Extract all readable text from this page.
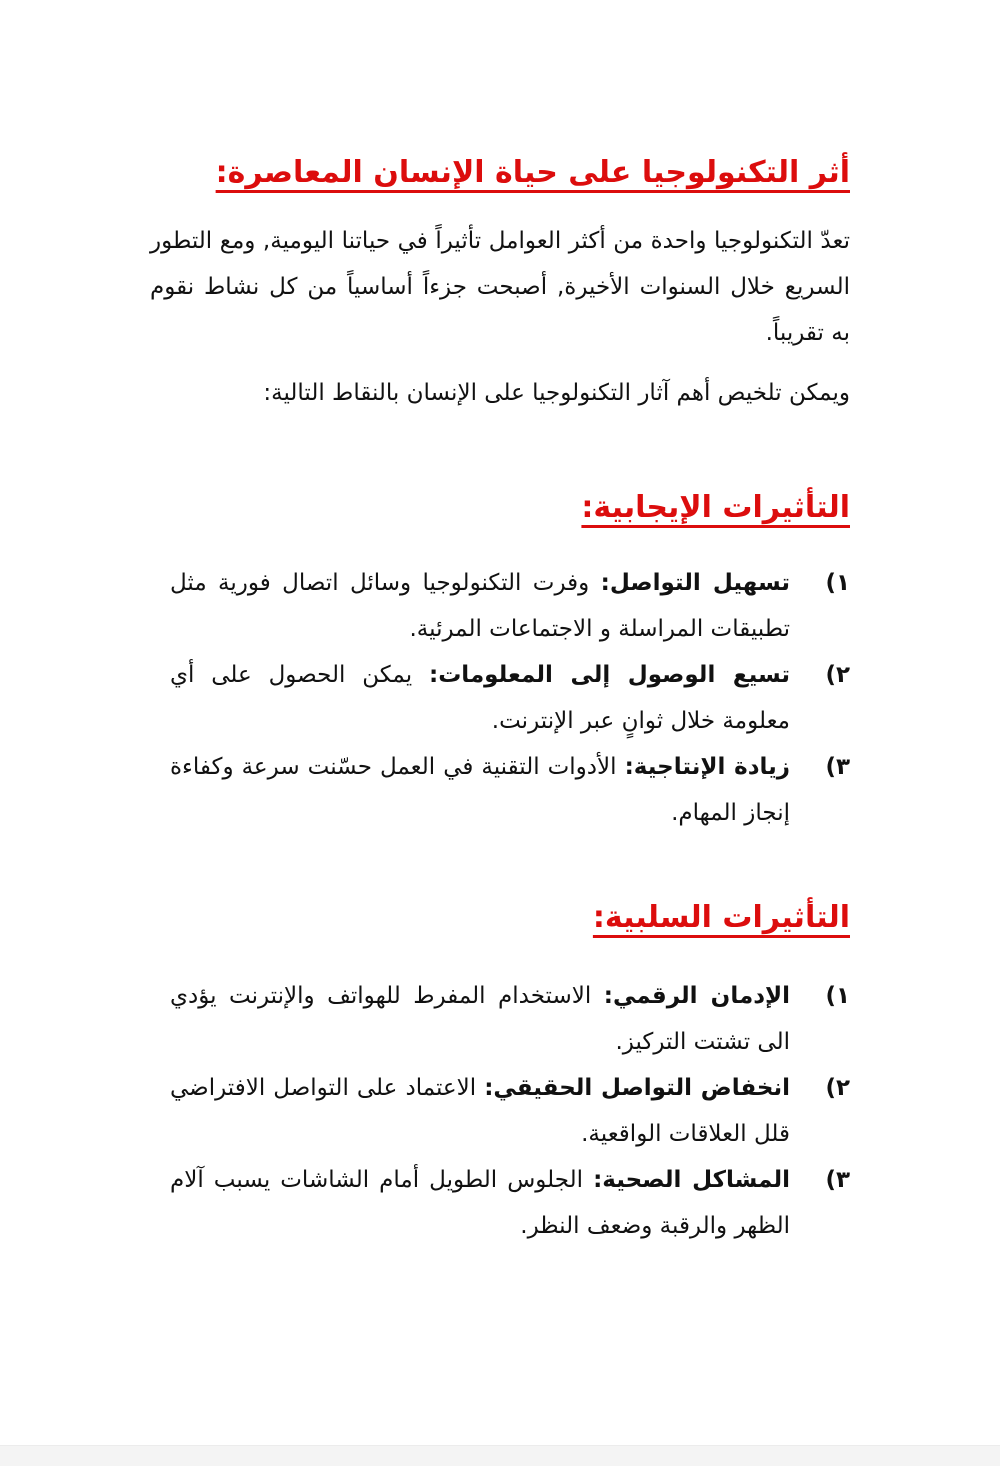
أثر التكنولوجيا على حياة الإنسان المعاصرة:

تعدّ التكنولوجيا واحدة من أكثر العوامل تأثيراً في حياتنا اليومية, ومع التطور السريع خلال السنوات الأخيرة, أصبحت جزءاً أساسياً من كل نشاط نقوم به تقريباً.

ويمكن تلخيص أهم آثار التكنولوجيا على الإنسان بالنقاط التالية:

التأثيرات الإيجابية:
١)
تسهيل التواصل: وفرت التكنولوجيا وسائل اتصال فورية مثل تطبيقات المراسلة و الاجتماعات المرئية.
٢)
تسيع الوصول إلى المعلومات: يمكن الحصول على أي معلومة خلال ثوانٍ عبر الإنترنت.
٣)
زيادة الإنتاجية: الأدوات التقنية في العمل حسّنت سرعة وكفاءة إنجاز المهام.
التأثيرات السلبية:
١)
الإدمان الرقمي: الاستخدام المفرط للهواتف والإنترنت يؤدي الى تشتت التركيز.
٢)
انخفاض التواصل الحقيقي: الاعتماد على التواصل الافتراضي قلل العلاقات الواقعية.
٣)
المشاكل الصحية: الجلوس الطويل أمام الشاشات يسبب آلام الظهر والرقبة وضعف النظر.
